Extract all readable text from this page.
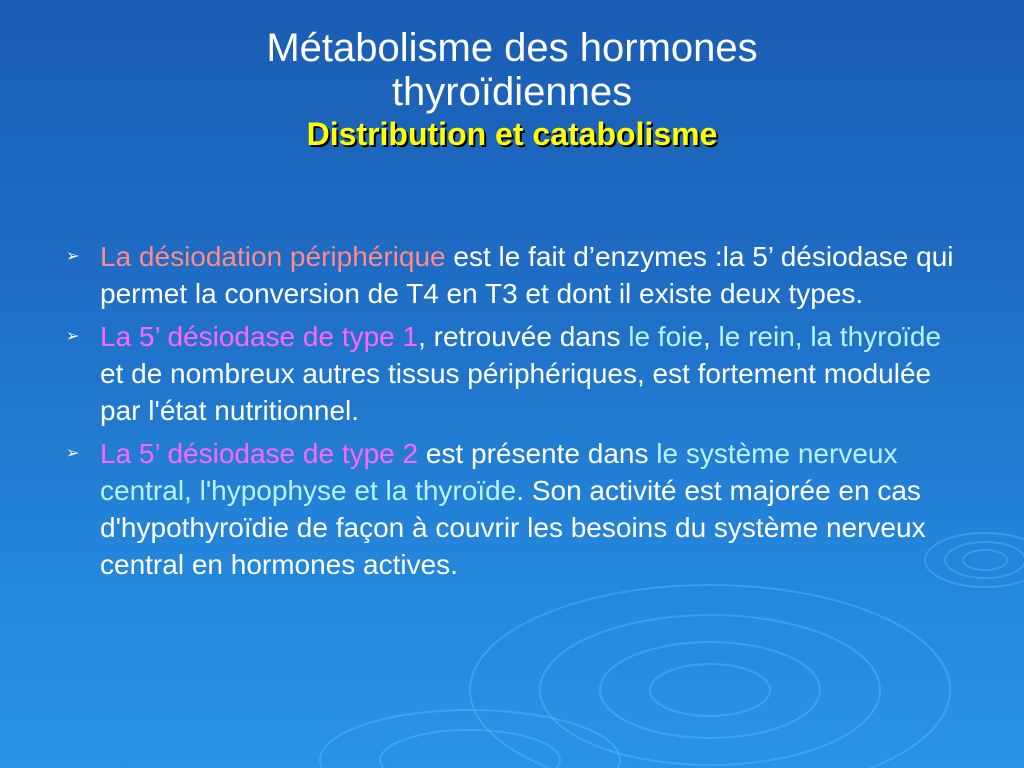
Métabolisme des hormones

thyroïdiennes

Distribution et catabolisme

➢ La désiodation périphérique est le fait d’enzymes :la 5’ désiodase qui permet la conversion de T4 en T3 et dont il existe deux types.
➢ La 5’ désiodase de type 1, retrouvée dans le foie, le rein, la thyroïde et de nombreux autres tissus périphériques, est fortement modulée par l'état nutritionnel.
➢ La 5’ désiodase de type 2 est présente dans le système nerveux central, l'hypophyse et la thyroïde. Son activité est majorée en cas d'hypothyroïdie de façon à couvrir les besoins du système nerveux central en hormones actives.
